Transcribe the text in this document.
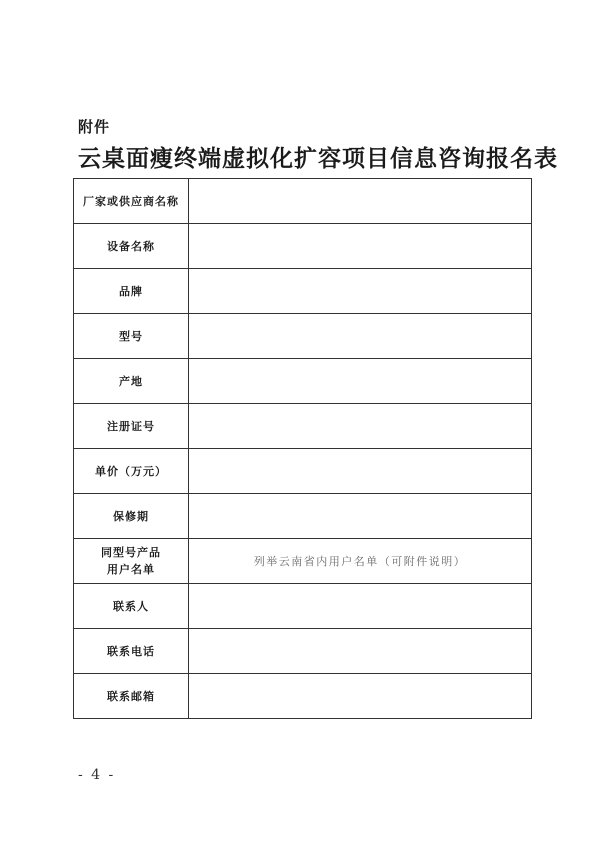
附件
云桌面瘦终端虚拟化扩容项目信息咨询报名表
厂家或供应商名称	
设备名称	
品牌	
型号	
产地	
注册证号	
单价（万元）	
保修期	

同型号产品
用户名单	列举云南省内用户名单（可附件说明）
联系人	
联系电话	
联系邮箱	
- 4 -
